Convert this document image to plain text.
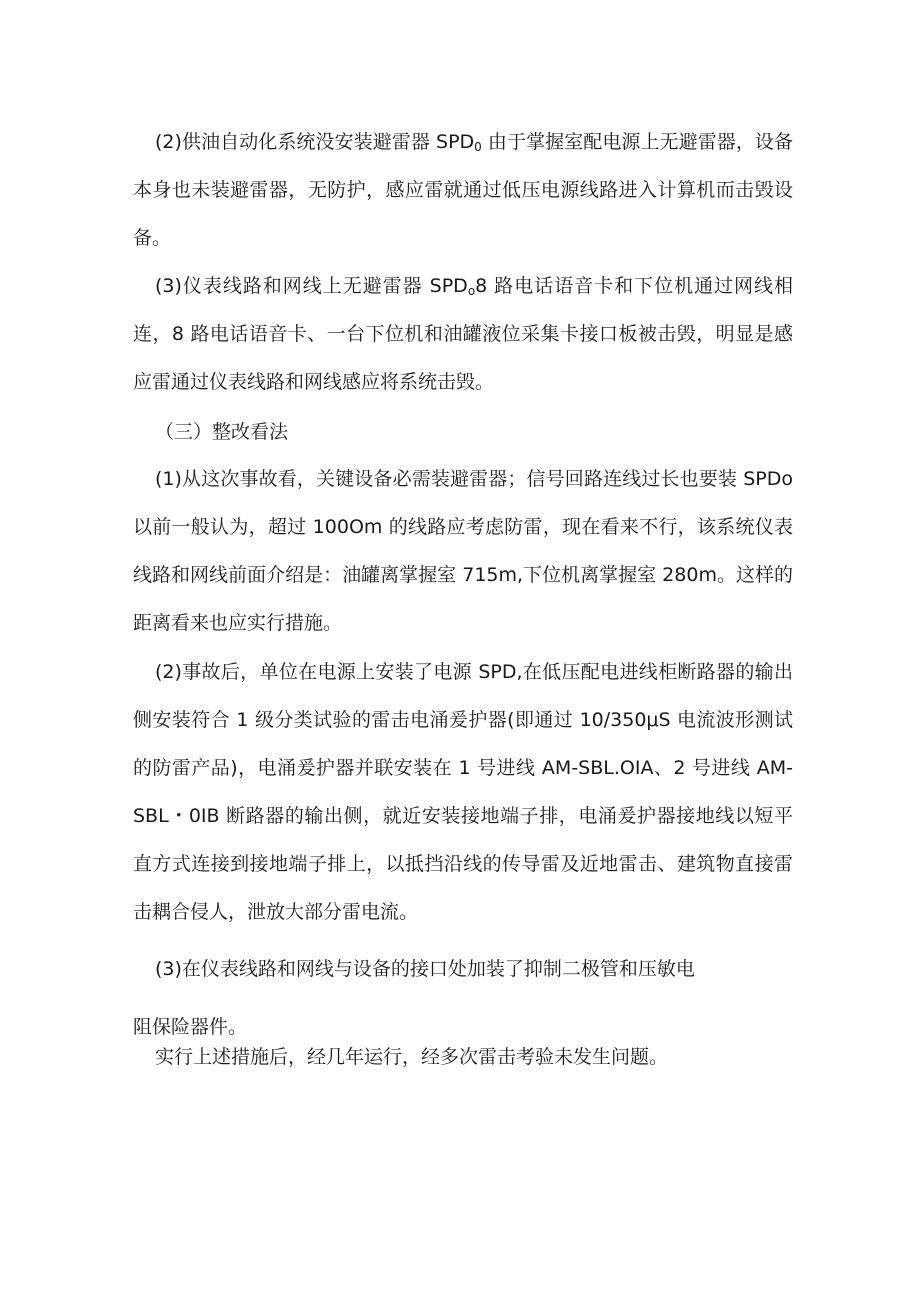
(2)供油自动化系统没安装避雷器 $SPD_0$ 由于掌握室配电源上无避雷器，设备本身也未装避雷器，无防护，感应雷就通过低压电源线路进入计算机而击毁设备。

(3)仪表线路和网线上无避雷器 $SPD_o8$ 路电话语音卡和下位机通过网线相连，8 路电话语音卡、一台下位机和油罐液位采集卡接口板被击毁，明显是感应雷通过仪表线路和网线感应将系统击毁。

（三）整改看法

(1)从这次事故看，关键设备必需装避雷器；信号回路连线过长也要装 SPDo 以前一般认为，超过 100Om 的线路应考虑防雷，现在看来不行，该系统仪表线路和网线前面介绍是：油罐离掌握室 715m,下位机离掌握室 280m。这样的距离看来也应实行措施。

(2)事故后，单位在电源上安装了电源 SPD,在低压配电进线柜断路器的输出侧安装符合 1 级分类试验的雷击电涌爰护器(即通过 10∕350μS 电流波形测试的防雷产品)，电涌爰护器并联安装在 1 号进线 AM-SBL.OIA、2 号进线 AM-SBL・0IB 断路器的输出侧，就近安装接地端子排，电涌爰护器接地线以短平直方式连接到接地端子排上，以抵挡沿线的传导雷及近地雷击、建筑物直接雷击耦合侵人，泄放大部分雷电流。

(3)在仪表线路和网线与设备的接口处加装了抑制二极管和压敏电

阻保险器件。

实行上述措施后，经几年运行，经多次雷击考验未发生问题。
